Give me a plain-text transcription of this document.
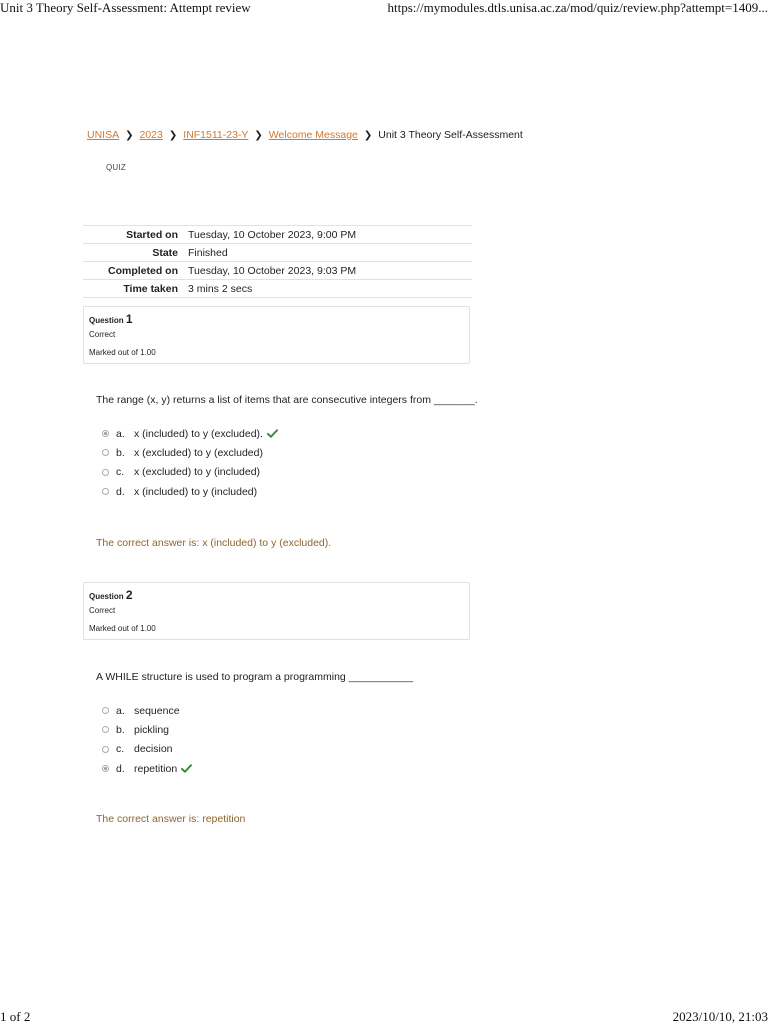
Unit 3 Theory Self-Assessment: Attempt review	https://mymodules.dtls.unisa.ac.za/mod/quiz/review.php?attempt=1409...
UNISA ❯ 2023 ❯ INF1511-23-Y ❯ Welcome Message ❯ Unit 3 Theory Self-Assessment
QUIZ
Started on	Tuesday, 10 October 2023, 9:00 PM
State	Finished
Completed on	Tuesday, 10 October 2023, 9:03 PM
Time taken	3 mins 2 secs
Question 1
Correct
Marked out of 1.00
The range (x, y) returns a list of items that are consecutive integers from _______.
a. x (included) to y (excluded).
b. x (excluded) to y (excluded)
c. x (excluded) to y (included)
d. x (included) to y (included)
The correct answer is: x (included) to y (excluded).
Question 2
Correct
Marked out of 1.00
A WHILE structure is used to program a programming ___________
a. sequence
b. pickling
c. decision
d. repetition
The correct answer is: repetition
1 of 2	2023/10/10, 21:03
